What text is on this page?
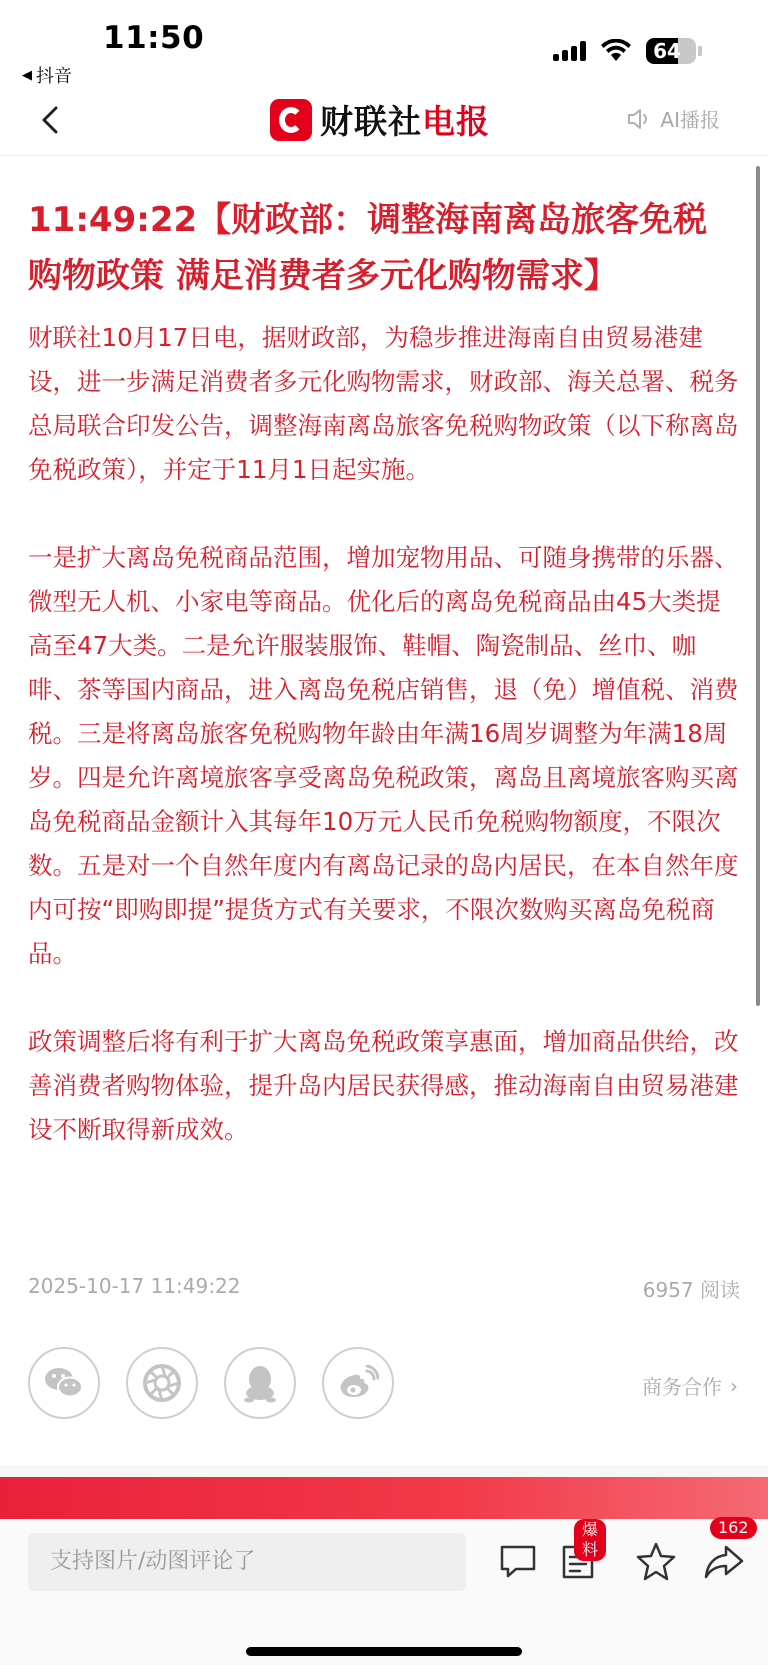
11:50
◀ 抖音
64
财联社电报	AI播报
11:49:22【财政部：调整海南离岛旅客免税购物政策 满足消费者多元化购物需求】

财联社10月17日电，据财政部，为稳步推进海南自由贸易港建设，进一步满足消费者多元化购物需求，财政部、海关总署、税务总局联合印发公告，调整海南离岛旅客免税购物政策（以下称离岛免税政策），并定于11月1日起实施。

一是扩大离岛免税商品范围，增加宠物用品、可随身携带的乐器、微型无人机、小家电等商品。优化后的离岛免税商品由45大类提高至47大类。二是允许服装服饰、鞋帽、陶瓷制品、丝巾、咖啡、茶等国内商品，进入离岛免税店销售，退（免）增值税、消费税。三是将离岛旅客免税购物年龄由年满16周岁调整为年满18周岁。四是允许离境旅客享受离岛免税政策，离岛且离境旅客购买离岛免税商品金额计入其每年10万元人民币免税购物额度，不限次数。五是对一个自然年度内有离岛记录的岛内居民，在本自然年度内可按“即购即提”提货方式有关要求，不限次数购买离岛免税商品。

政策调整后将有利于扩大离岛免税政策享惠面，增加商品供给，改善消费者购物体验，提升岛内居民获得感，推动海南自由贸易港建设不断取得新成效。

2025-10-17 11:49:22	6957 阅读
商务合作 ›
支持图片/动图评论了
爆料
162
